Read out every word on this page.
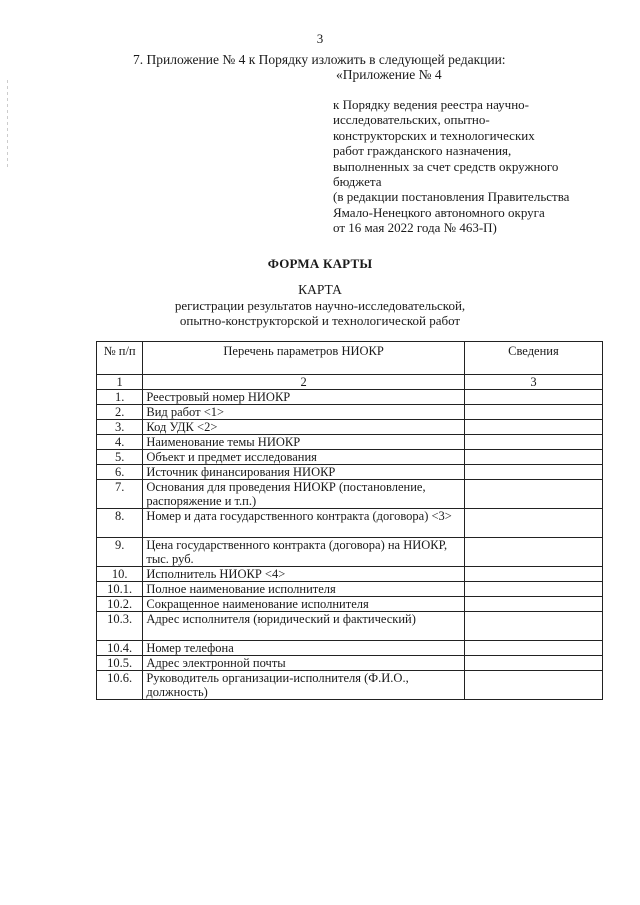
3
7. Приложение № 4 к Порядку изложить в следующей редакции:
«Приложение № 4
к Порядку ведения реестра научно-
исследовательских, опытно-
конструкторских и технологических
работ гражданского назначения,
выполненных за счет средств окружного
бюджета
(в редакции постановления Правительства
Ямало-Ненецкого автономного округа
от 16 мая 2022 года № 463-П)
ФОРМА КАРТЫ
КАРТА
регистрации результатов научно-исследовательской,
опытно-конструкторской и технологической работ
№ п/п	Перечень параметров НИОКР	Сведения
1	2	3
1.	Реестровый номер НИОКР	
2.	Вид работ <1>	
3.	Код УДК <2>	
4.	Наименование темы НИОКР	
5.	Объект и предмет исследования	
6.	Источник финансирования НИОКР	
7.	Основания для проведения НИОКР (постановление, распоряжение и т.п.)	
8.	Номер и дата государственного контракта (договора) <3>	
9.	Цена государственного контракта (договора) на НИОКР, тыс. руб.	
10.	Исполнитель НИОКР <4>	
10.1.	Полное наименование исполнителя	
10.2.	Сокращенное наименование исполнителя	
10.3.	Адрес исполнителя (юридический и фактический)	
10.4.	Номер телефона	
10.5.	Адрес электронной почты	
10.6.	Руководитель организации-исполнителя (Ф.И.О., должность)	
